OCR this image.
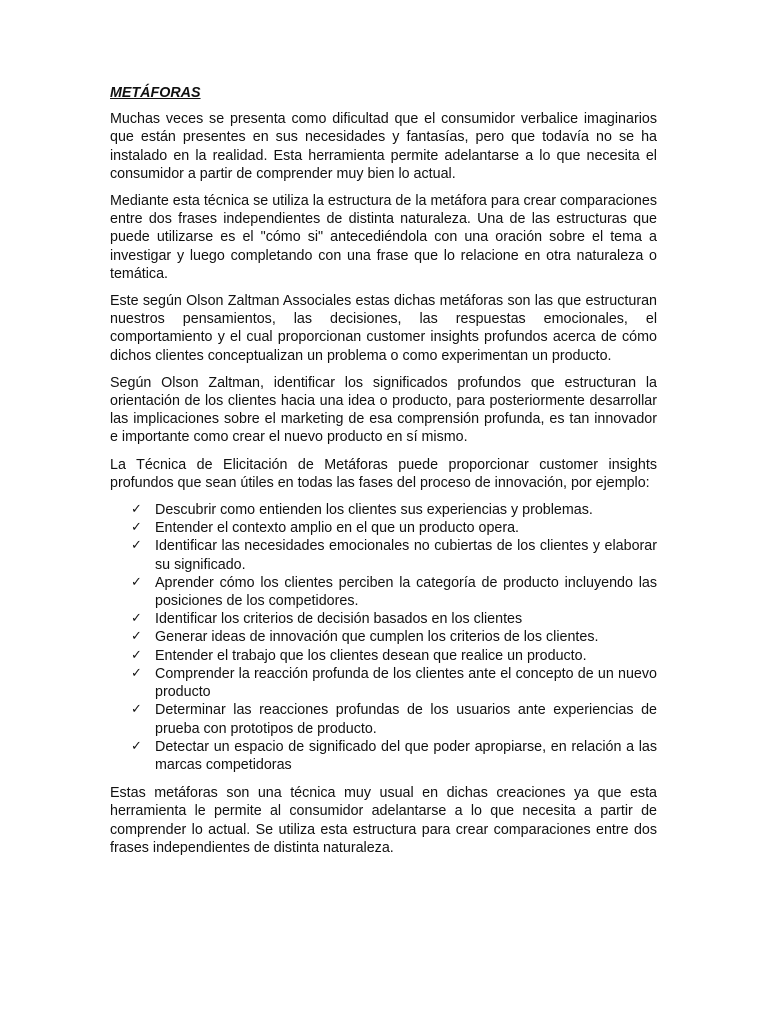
METÁFORAS

Muchas veces se presenta como dificultad que el consumidor verbalice imaginarios que están presentes en sus necesidades y fantasías, pero que todavía no se ha instalado en la realidad. Esta herramienta permite adelantarse a lo que necesita el consumidor a partir de comprender muy bien lo actual.

Mediante esta técnica se utiliza la estructura de la metáfora para crear comparaciones entre dos frases independientes de distinta naturaleza. Una de las estructuras que puede utilizarse es el "cómo si" antecediéndola con una oración sobre el tema a investigar y luego completando con una frase que lo relacione en otra naturaleza o temática.

Este según Olson Zaltman Associales estas dichas metáforas son las que estructuran nuestros pensamientos, las decisiones, las respuestas emocionales, el comportamiento y el cual proporcionan customer insights profundos acerca de cómo dichos clientes conceptualizan un problema o como experimentan un producto.

Según Olson Zaltman, identificar los significados profundos que estructuran la orientación de los clientes hacia una idea o producto, para posteriormente desarrollar las implicaciones sobre el marketing de esa comprensión profunda, es tan innovador e importante como crear el nuevo producto en sí mismo.

La Técnica de Elicitación de Metáforas puede proporcionar customer insights profundos que sean útiles en todas las fases del proceso de innovación, por ejemplo:

✓ Descubrir como entienden los clientes sus experiencias y problemas.
✓ Entender el contexto amplio en el que un producto opera.
✓ Identificar las necesidades emocionales no cubiertas de los clientes y elaborar su significado.
✓ Aprender cómo los clientes perciben la categoría de producto incluyendo las posiciones de los competidores.
✓ Identificar los criterios de decisión basados en los clientes
✓ Generar ideas de innovación que cumplen los criterios de los clientes.
✓ Entender el trabajo que los clientes desean que realice un producto.
✓ Comprender la reacción profunda de los clientes ante el concepto de un nuevo producto
✓ Determinar las reacciones profundas de los usuarios ante experiencias de prueba con prototipos de producto.
✓ Detectar un espacio de significado del que poder apropiarse, en relación a las marcas competidoras

Estas metáforas son una técnica muy usual en dichas creaciones ya que esta herramienta le permite al consumidor adelantarse a lo que necesita a partir de comprender lo actual. Se utiliza esta estructura para crear comparaciones entre dos frases independientes de distinta naturaleza.
